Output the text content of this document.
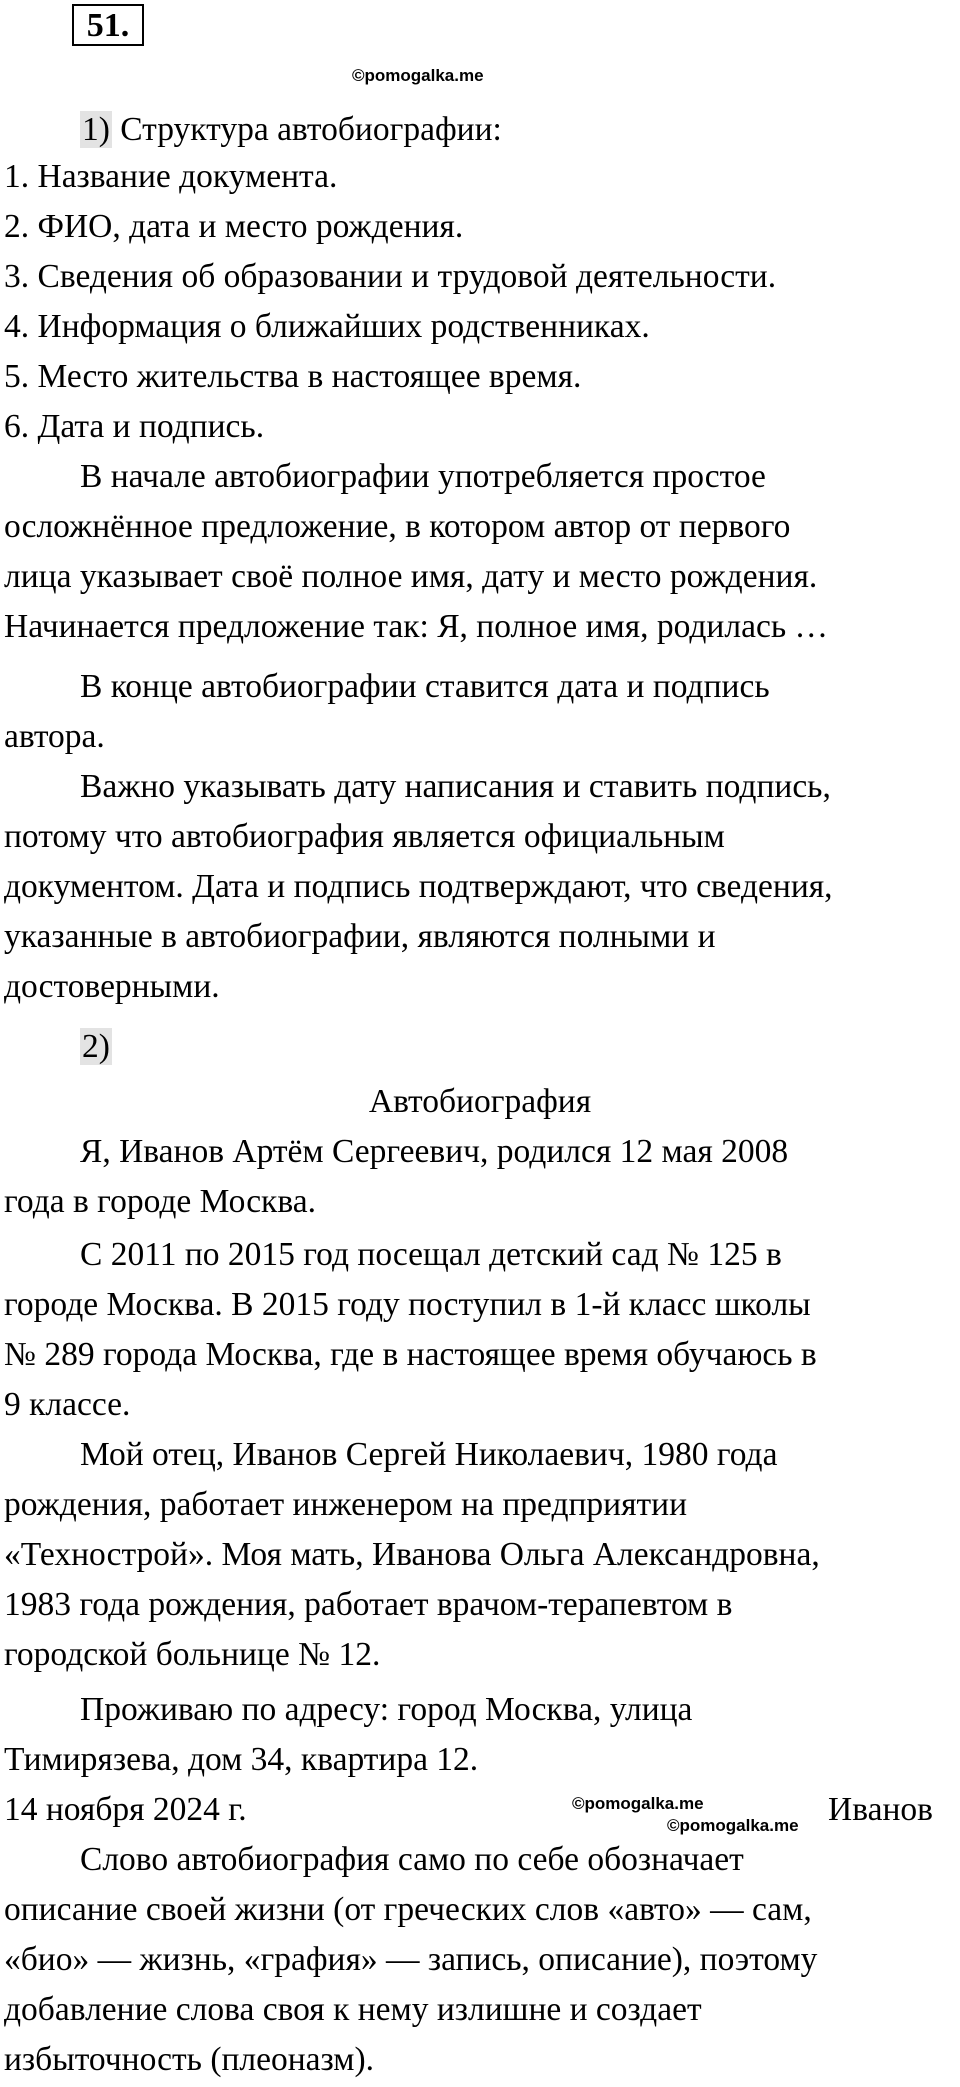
51.
©pomogalka.me
1) Структура автобиографии:
1. Название документа.
2. ФИО, дата и место рождения.
3. Сведения об образовании и трудовой деятельности.
4. Информация о ближайших родственниках.
5. Место жительства в настоящее время.
6. Дата и подпись.
В начале автобиографии употребляется простое
осложнённое предложение, в котором автор от первого
лица указывает своё полное имя, дату и место рождения.
Начинается предложение так: Я, полное имя, родилась …
В конце автобиографии ставится дата и подпись
автора.
Важно указывать дату написания и ставить подпись,
потому что автобиография является официальным
документом. Дата и подпись подтверждают, что сведения,
указанные в автобиографии, являются полными и
достоверными.
2)
Автобиография
Я, Иванов Артём Сергеевич, родился 12 мая 2008
года в городе Москва.
С 2011 по 2015 год посещал детский сад № 125 в
городе Москва. В 2015 году поступил в 1-й класс школы
№ 289 города Москва, где в настоящее время обучаюсь в
9 классе.
Мой отец, Иванов Сергей Николаевич, 1980 года
рождения, работает инженером на предприятии
«Технострой». Моя мать, Иванова Ольга Александровна,
1983 года рождения, работает врачом-терапевтом в
городской больнице № 12.
Проживаю по адресу: город Москва, улица
Тимирязева, дом 34, квартира 12.
14 ноября 2024 г.	©pomogalka.me
©pomogalka.me Иванов
Слово автобиография само по себе обозначает
описание своей жизни (от греческих слов «авто» — сам,
«био» — жизнь, «графия» — запись, описание), поэтому
добавление слова своя к нему излишне и создает
избыточность (плеоназм).
